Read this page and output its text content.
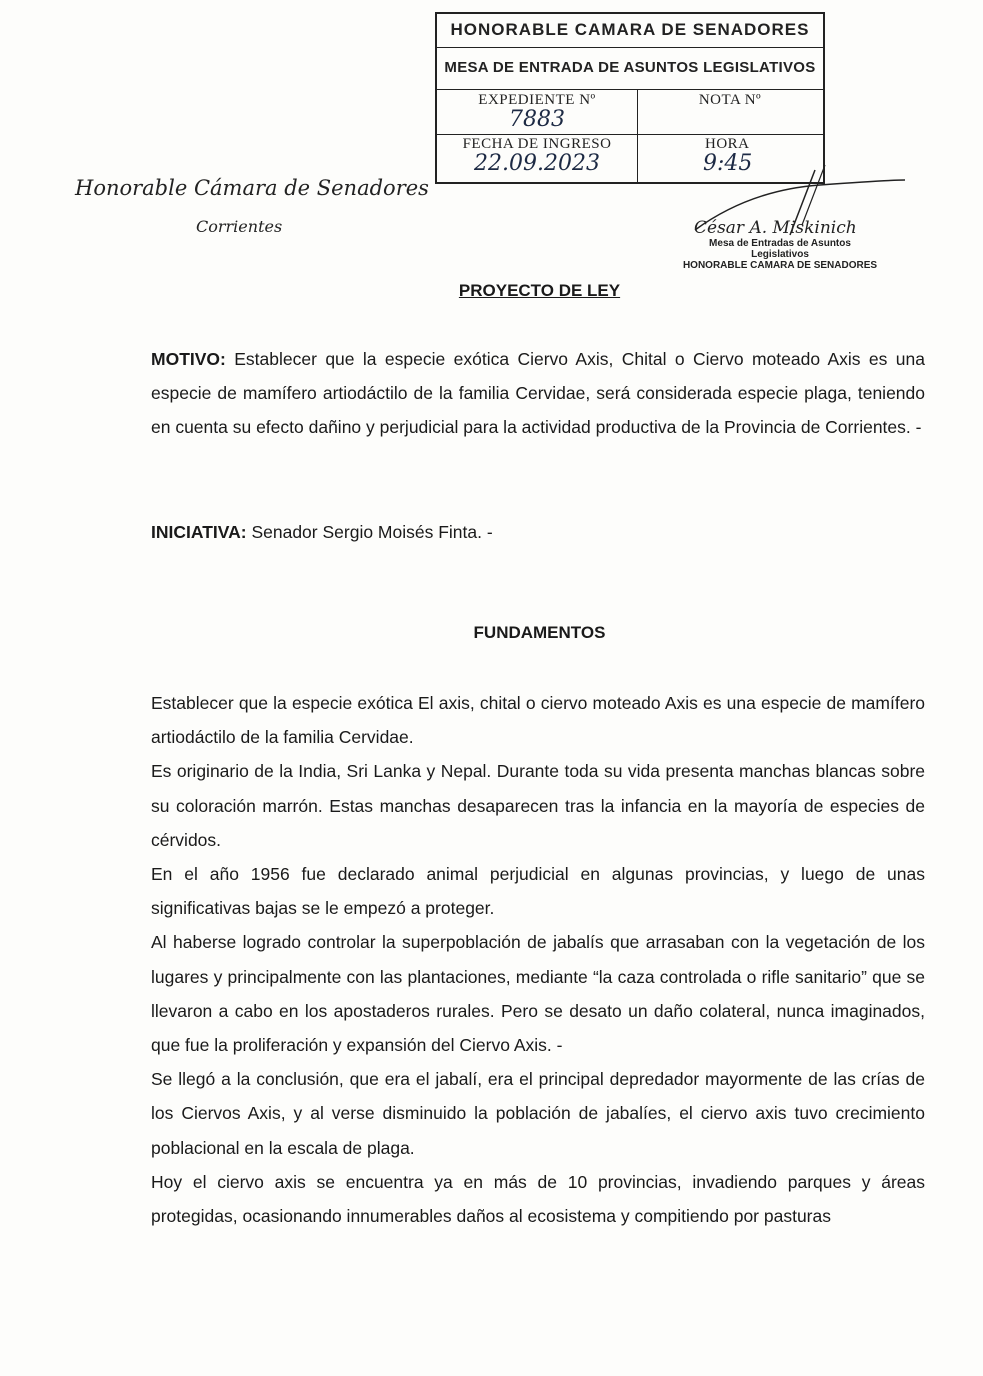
HONORABLE CAMARA DE SENADORES
MESA DE ENTRADA DE ASUNTOS LEGISLATIVOS
EXPEDIENTE Nº
7883
NOTA Nº
FECHA DE INGRESO
22.09.2023
HORA
9:45
Honorable Cámara de Senadores
Corrientes	César A. Miskinich
Mesa de Entradas de Asuntos
Legislativos
HONORABLE CAMARA DE SENADORES
PROYECTO DE LEY

MOTIVO: Establecer que la especie exótica Ciervo Axis, Chital o Ciervo moteado Axis es una especie de mamífero artiodáctilo de la familia Cervidae, será considerada especie plaga, teniendo en cuenta su efecto dañino y perjudicial para la actividad productiva de la Provincia de Corrientes. -

INICIATIVA: Senador Sergio Moisés Finta. -

FUNDAMENTOS

Establecer que la especie exótica El axis, chital o ciervo moteado Axis es una especie de mamífero artiodáctilo de la familia Cervidae.

Es originario de la India, Sri Lanka y Nepal. Durante toda su vida presenta manchas blancas sobre su coloración marrón. Estas manchas desaparecen tras la infancia en la mayoría de especies de cérvidos.

En el año 1956 fue declarado animal perjudicial en algunas provincias, y luego de unas significativas bajas se le empezó a proteger.

Al haberse logrado controlar la superpoblación de jabalís que arrasaban con la vegetación de los lugares y principalmente con las plantaciones, mediante “la caza controlada o rifle sanitario” que se llevaron a cabo en los apostaderos rurales. Pero se desato un daño colateral, nunca imaginados, que fue la proliferación y expansión del Ciervo Axis. -

Se llegó a la conclusión, que era el jabalí, era el principal depredador mayormente de las crías de los Ciervos Axis, y al verse disminuido la población de jabalíes, el ciervo axis tuvo crecimiento poblacional en la escala de plaga.

Hoy el ciervo axis se encuentra ya en más de 10 provincias, invadiendo parques y áreas protegidas, ocasionando innumerables daños al ecosistema y compitiendo por pasturas
